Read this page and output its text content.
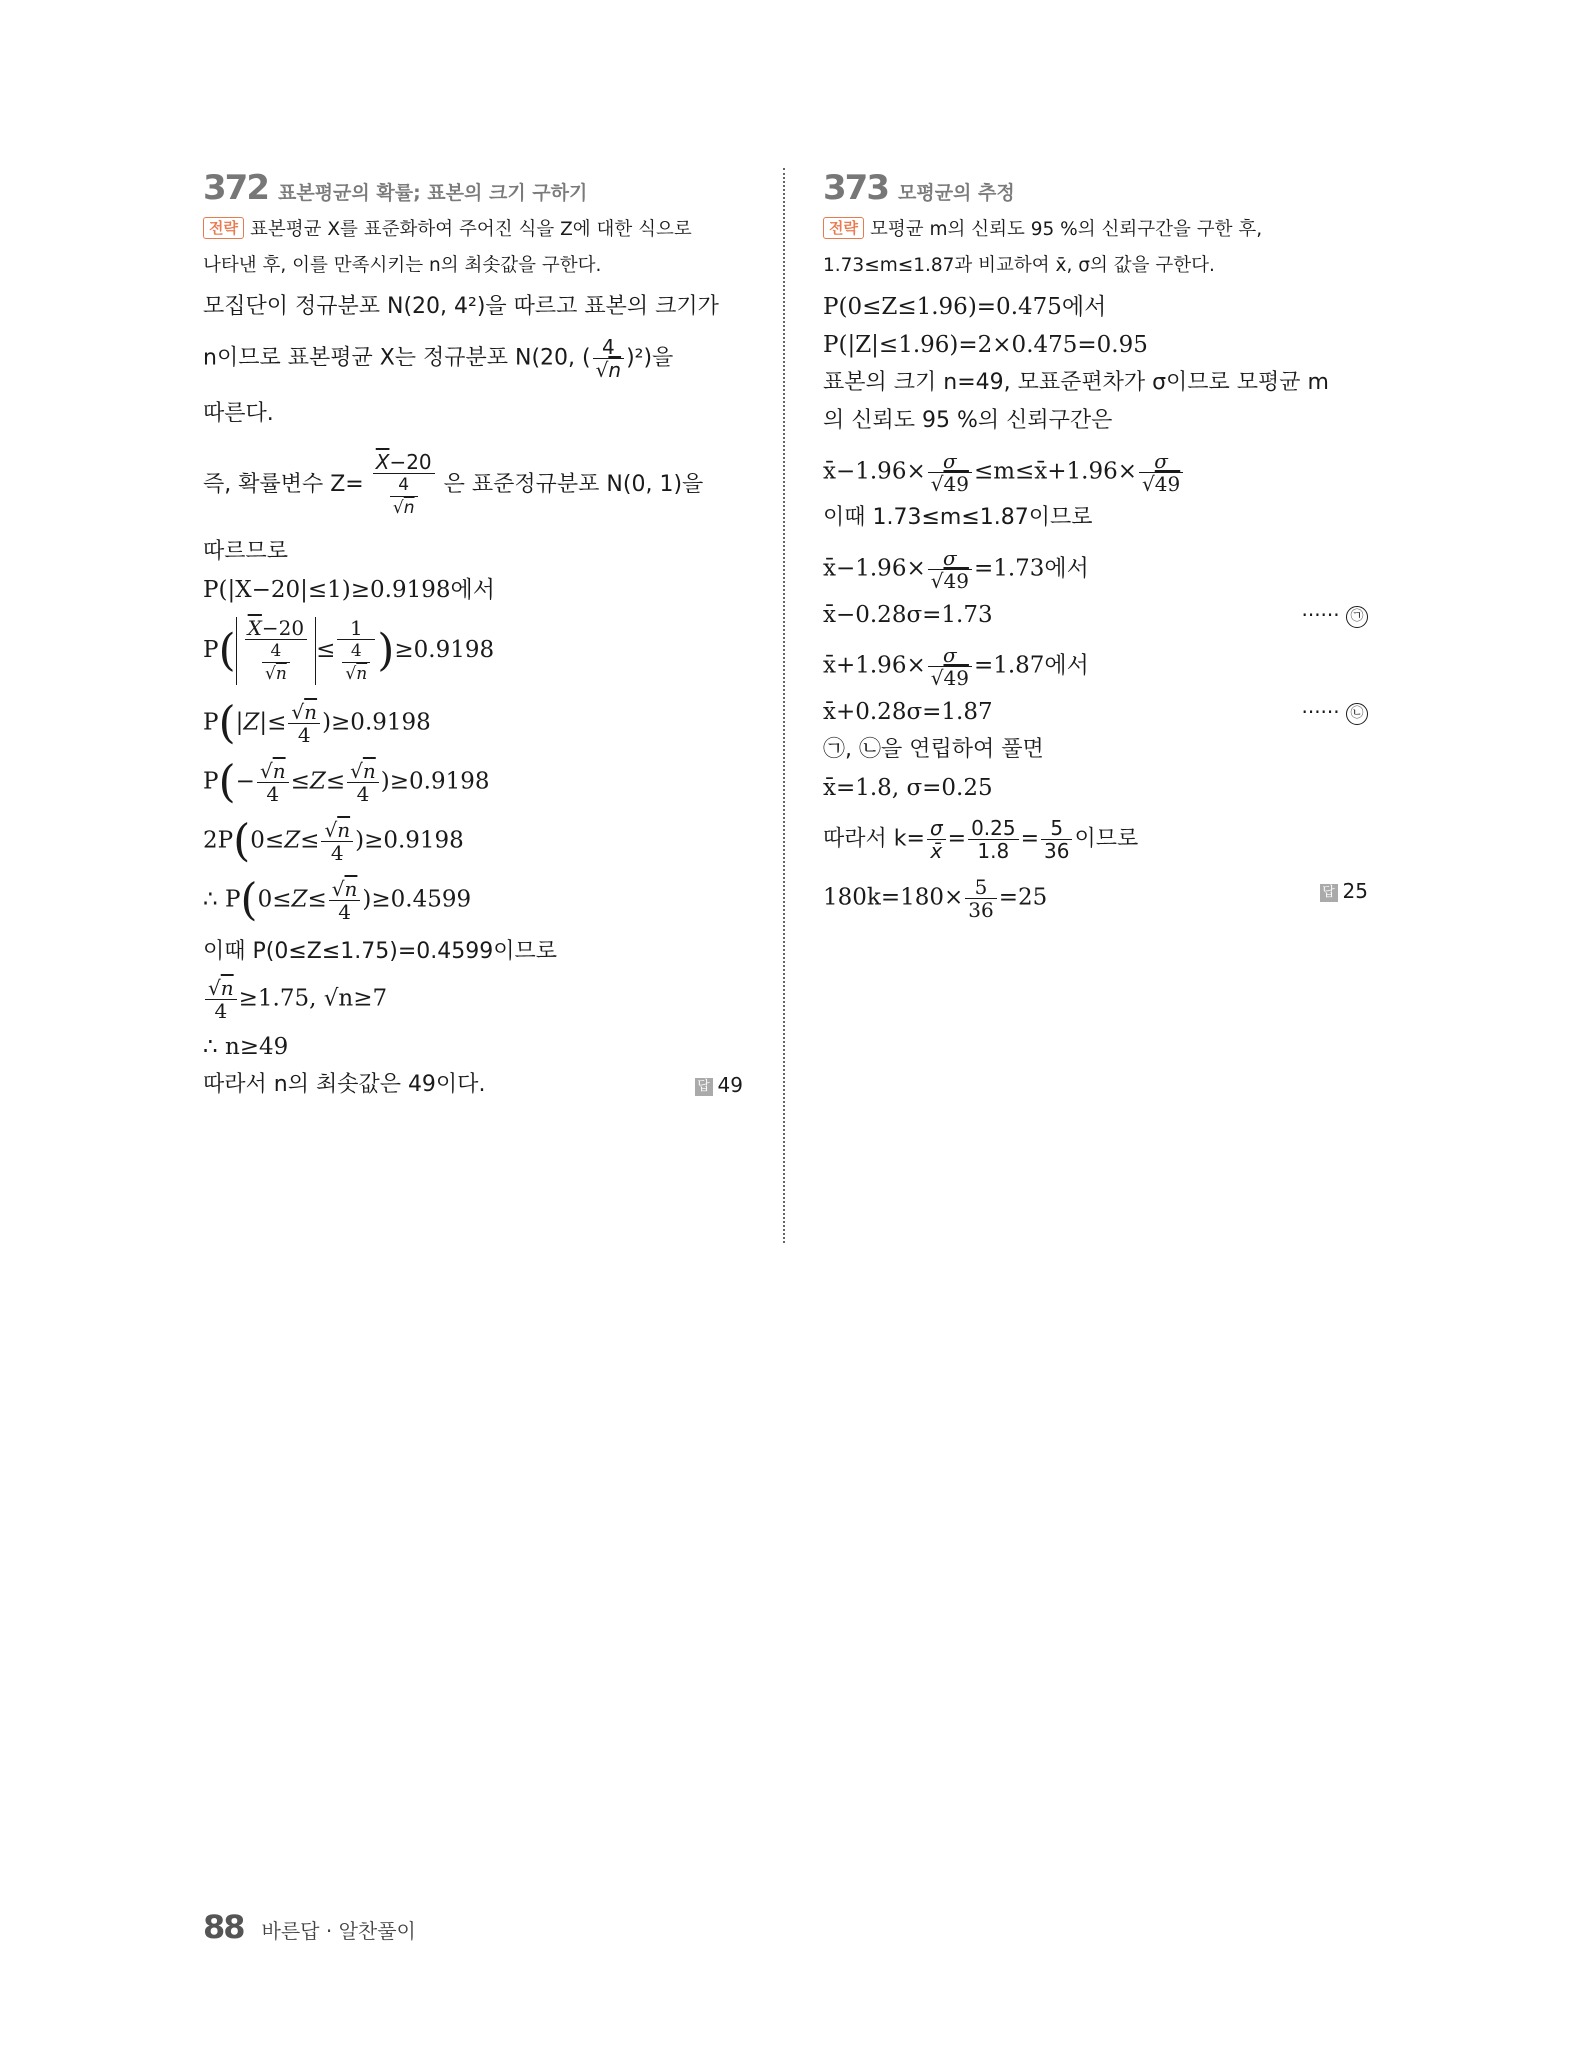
372 표본평균의 확률; 표본의 크기 구하기
전략 표본평균 X를 표준화하여 주어진 식을 Z에 대한 식으로
나타낸 후, 이를 만족시키는 n의 최솟값을 구한다.
모집단이 정규분포 N(20, 4²)을 따르고 표본의 크기가
n이므로 표본평균 X는 정규분포 N(20, ( $\frac{4}{√n} )^2$)을
따른다.
즉, 확률변수 $Z= \frac{\overline{X}-20}{\frac{4}{√n}}$ 은 표준정규분포 N(0, 1)을
따르므로
P(|X−20|≤1)≥0.9198에서
$P( \frac{\overline{X}-20}{\frac{4}{√n}} \le \frac{1}{\frac{4}{√n}} )\ge 0.9198$
$P(|Z|\le \frac{√n}{4} )\ge 0.9198$
$P(- \frac{√n}{4} \le Z\le \frac{√n}{4} )\ge 0.9198$
$2P(0\le Z\le \frac{√n}{4} )\ge 0.9198$
∴ $P(0\le Z\le \frac{√n}{4} )\ge 0.4599$
이때 P(0≤Z≤1.75)=0.4599이므로
$\frac{√n}{4} \ge 1.75$, √n≥7
∴ n≥49
따라서 n의 최솟값은 49이다.	답 49
373 모평균의 추정
전략 모평균 m의 신뢰도 95 %의 신뢰구간을 구한 후,
1.73≤m≤1.87과 비교하여 x̄, σ의 값을 구한다.
P(0≤Z≤1.96)=0.475에서
P(|Z|≤1.96)=2×0.475=0.95
표본의 크기 n=49, 모표준편차가 σ이므로 모평균 m
의 신뢰도 95 %의 신뢰구간은
x̄−1.96× $\frac{\sigma}{√49}$ ≤m≤x̄+1.96× $\frac{\sigma}{√49}$
이때 1.73≤m≤1.87이므로
x̄−1.96× $\frac{\sigma}{√49} =1.73$에서
x̄−0.28σ=1.73	······ ㉠
x̄+1.96× $\frac{\sigma}{√49} =1.87$에서
x̄+0.28σ=1.87	······ ㉡
㉠, ㉡을 연립하여 풀면
x̄=1.8, σ=0.25
따라서 $k= \frac{\sigma}{x̄} = \frac{0.25}{1.8} = \frac{5}{36}$ 이므로
$180k=180\times \frac{5}{36} =25$	답 25
88 바른답 · 알찬풀이
